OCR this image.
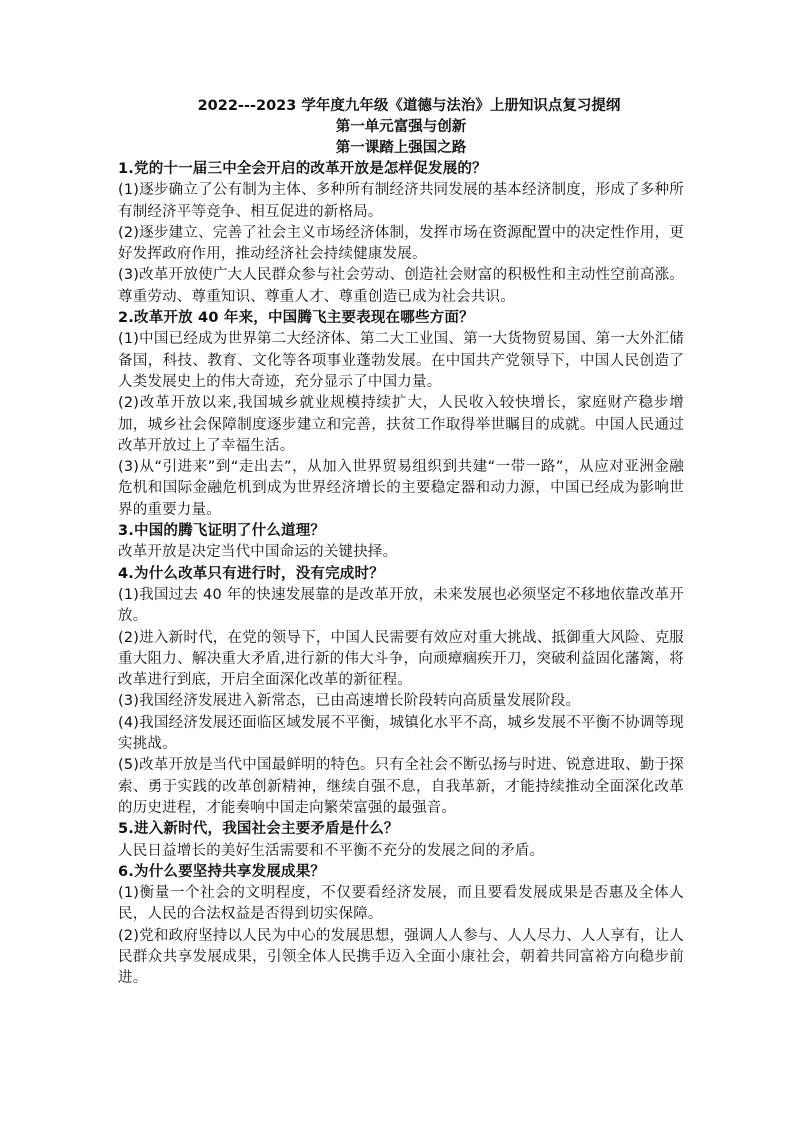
2022---2023 学年度九年级《道德与法治》上册知识点复习提纲
第一单元富强与创新
第一课踏上强国之路
1.党的十一届三中全会开启的改革开放是怎样促发展的？
(1)逐步确立了公有制为主体、多种所有制经济共同发展的基本经济制度，形成了多种所有制经济平等竞争、相互促进的新格局。
(2)逐步建立、完善了社会主义市场经济体制，发挥市场在资源配置中的决定性作用，更好发挥政府作用，推动经济社会持续健康发展。
(3)改革开放使广大人民群众参与社会劳动、创造社会财富的积极性和主动性空前高涨。尊重劳动、尊重知识、尊重人才、尊重创造已成为社会共识。
2.改革开放 40 年来，中国腾飞主要表现在哪些方面？
(1)中国已经成为世界第二大经济体、第二大工业国、第一大货物贸易国、第一大外汇储备国，科技、教育、文化等各项事业蓬勃发展。在中国共产党领导下，中国人民创造了人类发展史上的伟大奇迹，充分显示了中国力量。
(2)改革开放以来,我国城乡就业规模持续扩大，人民收入较快增长，家庭财产稳步增加，城乡社会保障制度逐步建立和完善，扶贫工作取得举世瞩目的成就。中国人民通过改革开放过上了幸福生活。
(3)从“引进来”到“走出去”，从加入世界贸易组织到共建“一带一路”，从应对亚洲金融危机和国际金融危机到成为世界经济增长的主要稳定器和动力源，中国已经成为影响世界的重要力量。
3.中国的腾飞证明了什么道理？
改革开放是决定当代中国命运的关键抉择。
4.为什么改革只有进行时，没有完成时？
(1)我国过去 40 年的快速发展靠的是改革开放，未来发展也必须坚定不移地依靠改革开放。
(2)进入新时代，在党的领导下，中国人民需要有效应对重大挑战、抵御重大风险、克服重大阻力、解决重大矛盾,进行新的伟大斗争，向顽瘴痼疾开刀，突破利益固化藩篱，将改革进行到底，开启全面深化改革的新征程。
(3)我国经济发展进入新常态，已由高速增长阶段转向高质量发展阶段。
(4)我国经济发展还面临区域发展不平衡，城镇化水平不高，城乡发展不平衡不协调等现实挑战。
(5)改革开放是当代中国最鲜明的特色。只有全社会不断弘扬与时进、锐意进取、勤于探索、勇于实践的改革创新精神，继续自强不息，自我革新，才能持续推动全面深化改革的历史进程，才能奏响中国走向繁荣富强的最强音。
5.进入新时代，我国社会主要矛盾是什么？
人民日益增长的美好生活需要和不平衡不充分的发展之间的矛盾。
6.为什么要坚持共享发展成果？
(1)衡量一个社会的文明程度，不仅要看经济发展，而且要看发展成果是否惠及全体人民，人民的合法权益是否得到切实保障。
(2)党和政府坚持以人民为中心的发展思想，强调人人参与、人人尽力、人人享有，让人民群众共享发展成果，引领全体人民携手迈入全面小康社会，朝着共同富裕方向稳步前进。
